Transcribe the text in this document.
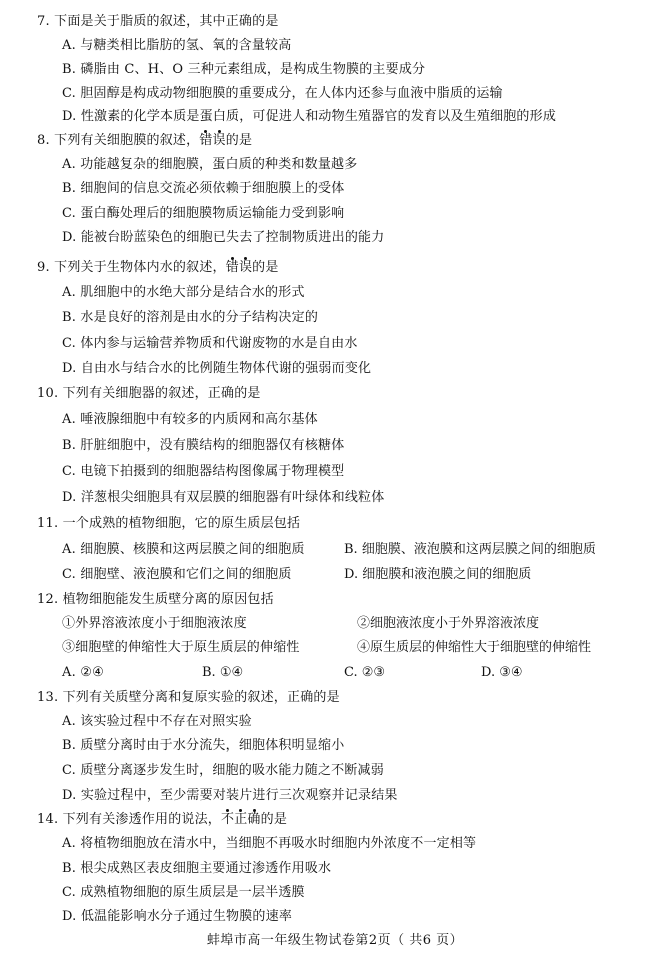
7. 下面是关于脂质的叙述，其中正确的是
A. 与糖类相比脂肪的氢、氧的含量较高
B. 磷脂由 C、H、O 三种元素组成，是构成生物膜的主要成分
C. 胆固醇是构成动物细胞膜的重要成分，在人体内还参与血液中脂质的运输
D. 性激素的化学本质是蛋白质，可促进人和动物生殖器官的发育以及生殖细胞的形成
8. 下列有关细胞膜的叙述，错误的是
A. 功能越复杂的细胞膜，蛋白质的种类和数量越多
B. 细胞间的信息交流必须依赖于细胞膜上的受体
C. 蛋白酶处理后的细胞膜物质运输能力受到影响
D. 能被台盼蓝染色的细胞已失去了控制物质进出的能力
9. 下列关于生物体内水的叙述，错误的是
A. 肌细胞中的水绝大部分是结合水的形式
B. 水是良好的溶剂是由水的分子结构决定的
C. 体内参与运输营养物质和代谢废物的水是自由水
D. 自由水与结合水的比例随生物体代谢的强弱而变化
10. 下列有关细胞器的叙述，正确的是
A. 唾液腺细胞中有较多的内质网和高尔基体
B. 肝脏细胞中，没有膜结构的细胞器仅有核糖体
C. 电镜下拍摄到的细胞器结构图像属于物理模型
D. 洋葱根尖细胞具有双层膜的细胞器有叶绿体和线粒体
11. 一个成熟的植物细胞，它的原生质层包括
A. 细胞膜、核膜和这两层膜之间的细胞质	B. 细胞膜、液泡膜和这两层膜之间的细胞质
C. 细胞壁、液泡膜和它们之间的细胞质	D. 细胞膜和液泡膜之间的细胞质
12. 植物细胞能发生质壁分离的原因包括
①外界溶液浓度小于细胞液浓度	②细胞液浓度小于外界溶液浓度
③细胞壁的伸缩性大于原生质层的伸缩性	④原生质层的伸缩性大于细胞壁的伸缩性
A. ②④	B. ①④	C. ②③	D. ③④
13. 下列有关质壁分离和复原实验的叙述，正确的是
A. 该实验过程中不存在对照实验
B. 质壁分离时由于水分流失，细胞体积明显缩小
C. 质壁分离逐步发生时，细胞的吸水能力随之不断减弱
D. 实验过程中，至少需要对装片进行三次观察并记录结果
14. 下列有关渗透作用的说法，不正确的是
A. 将植物细胞放在清水中，当细胞不再吸水时细胞内外浓度不一定相等
B. 根尖成熟区表皮细胞主要通过渗透作用吸水
C. 成熟植物细胞的原生质层是一层半透膜
D. 低温能影响水分子通过生物膜的速率
蚌埠市高一年级生物试卷第2页（ 共6 页）
